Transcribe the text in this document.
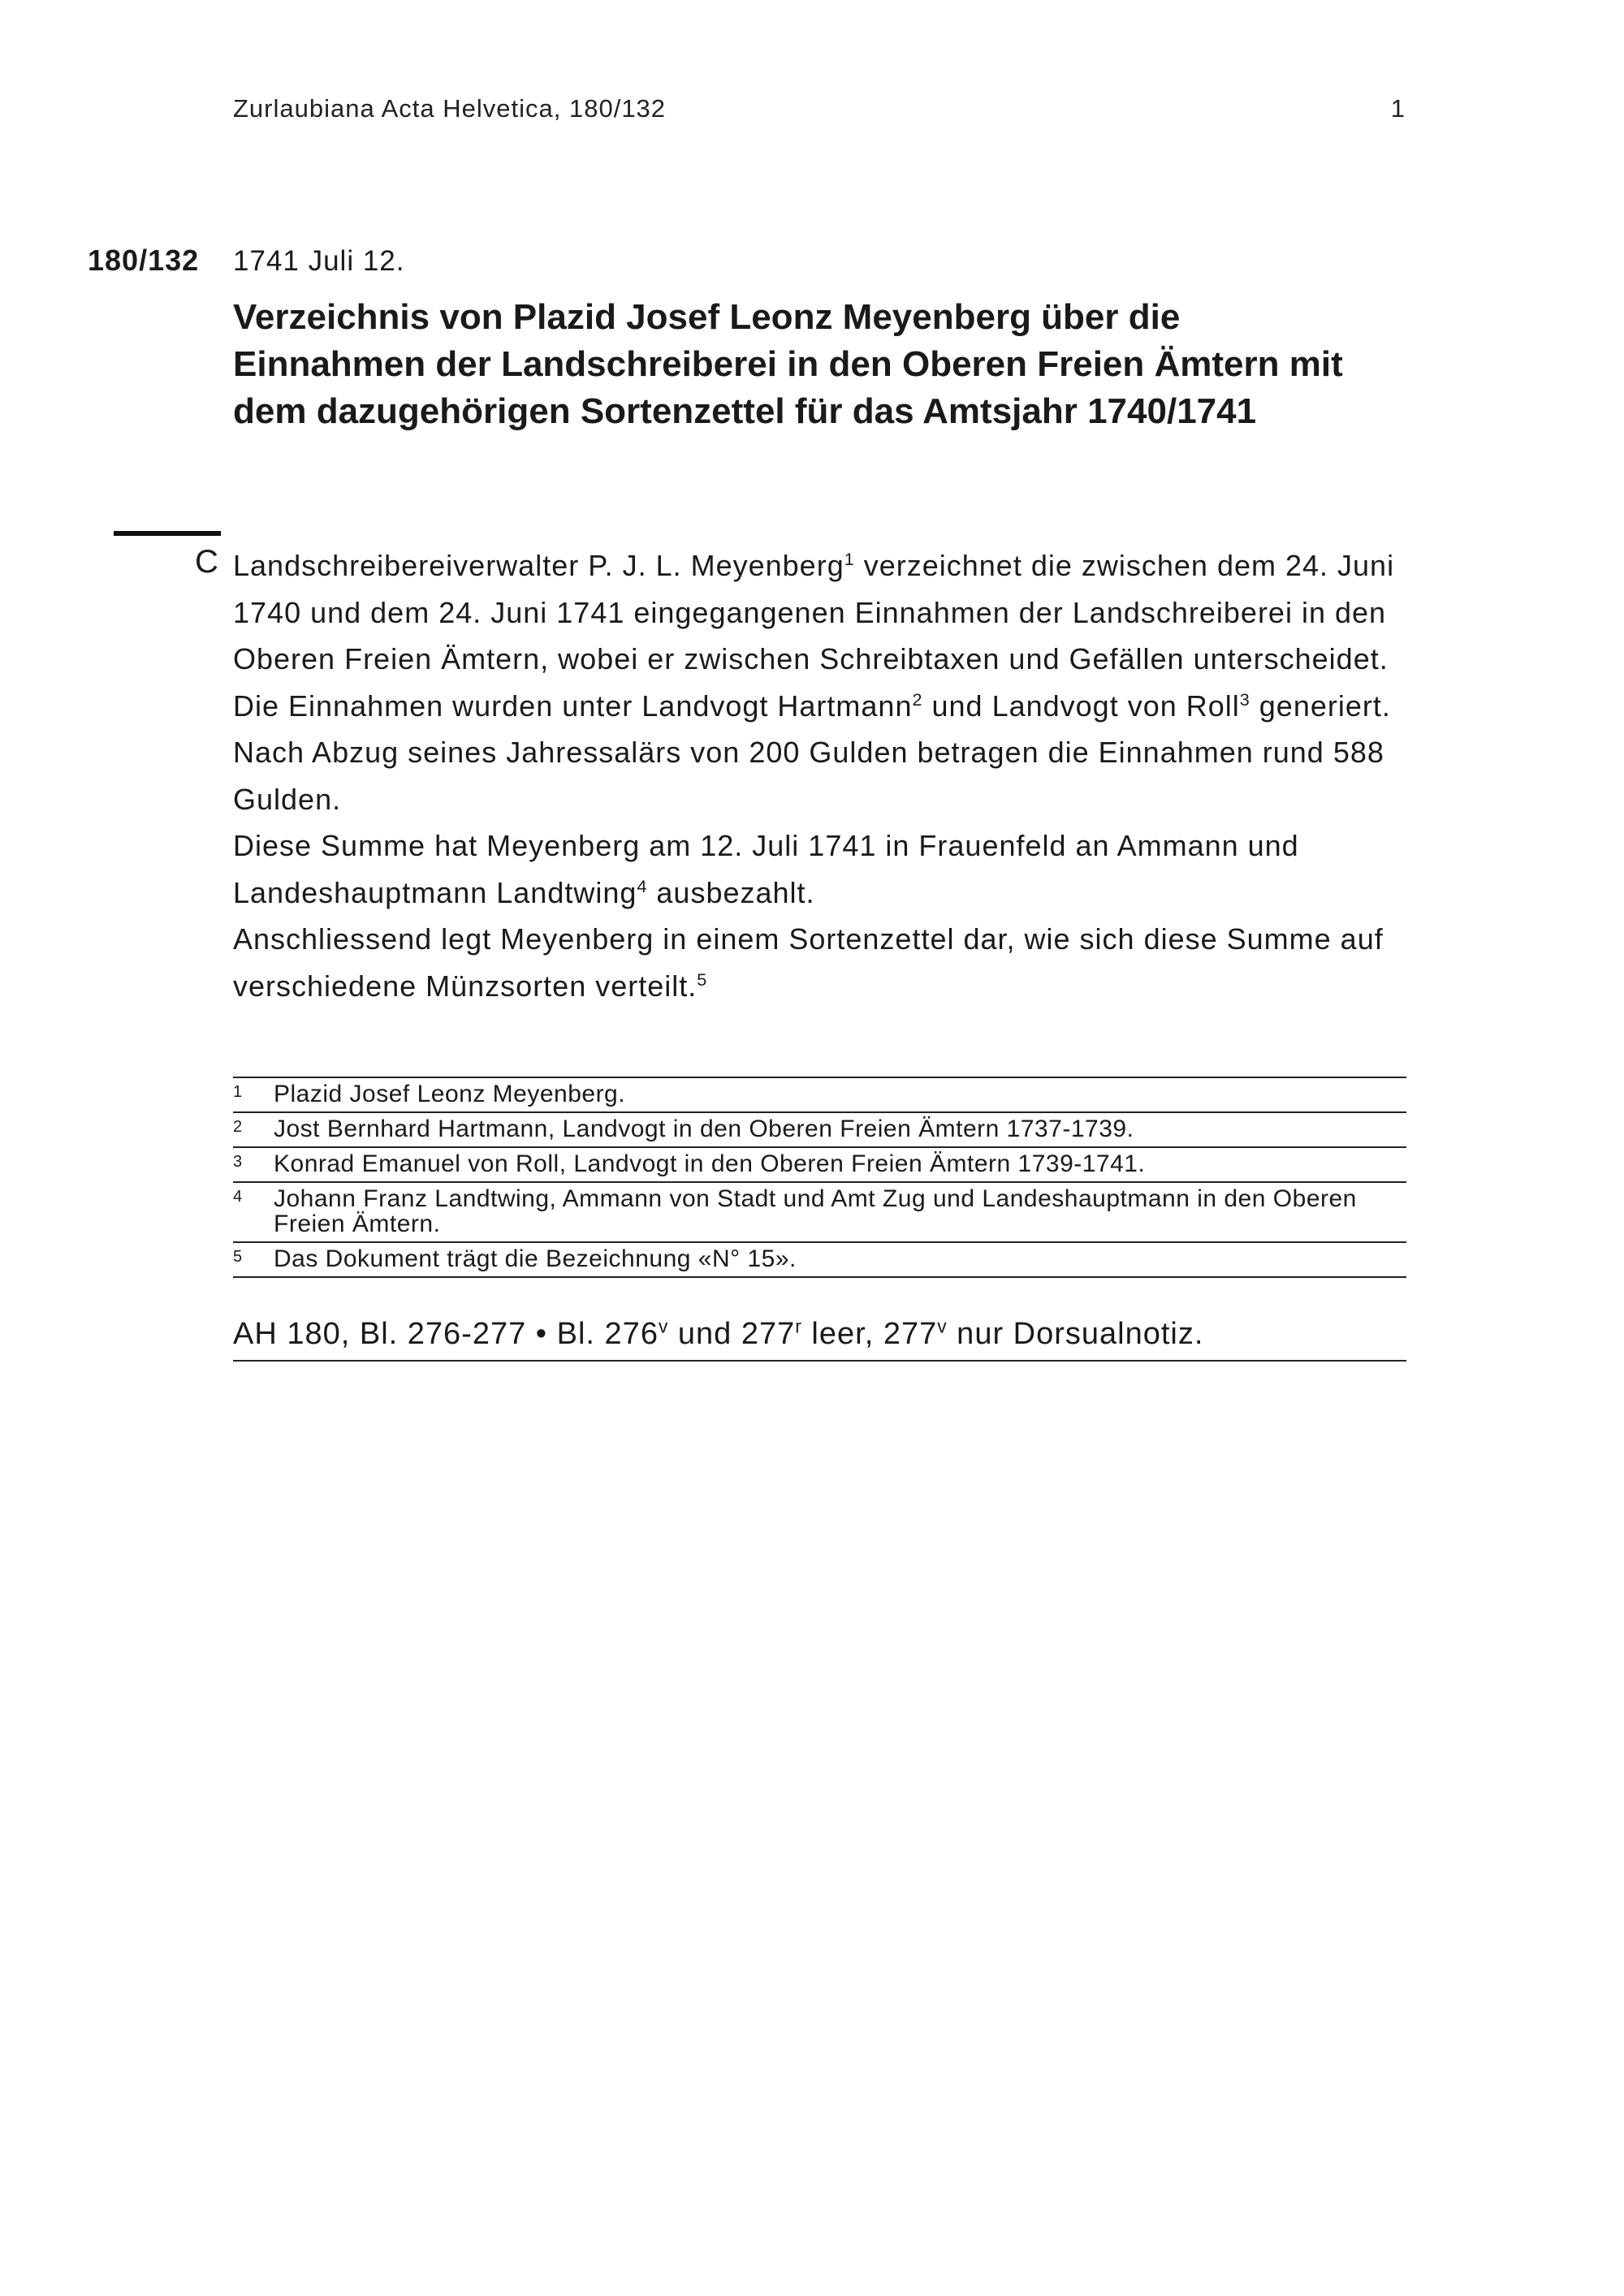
Zurlaubiana Acta Helvetica, 180/132	1
180/132 1741 Juli 12.
Verzeichnis von Plazid Josef Leonz Meyenberg über die Einnahmen der Landschreiberei in den Oberen Freien Ämtern mit dem dazugehörigen Sortenzettel für das Amtsjahr 1740/1741
C Landschreibereiverwalter P. J. L. Meyenberg$^1$ verzeichnet die zwischen dem 24. Juni 1740 und dem 24. Juni 1741 eingegangenen Einnahmen der Landschreiberei in den Oberen Freien Ämtern, wobei er zwischen Schreibtaxen und Gefällen unterscheidet. Die Einnahmen wurden unter Landvogt Hartmann$^2$ und Landvogt von Roll$^3$ generiert. Nach Abzug seines Jahressalärs von 200 Gulden betragen die Einnahmen rund 588 Gulden.

Diese Summe hat Meyenberg am 12. Juli 1741 in Frauenfeld an Ammann und Landeshauptmann Landtwing$^4$ ausbezahlt.

Anschliessend legt Meyenberg in einem Sortenzettel dar, wie sich diese Summe auf verschiedene Münzsorten verteilt.$^5$

1	Plazid Josef Leonz Meyenberg.
2	Jost Bernhard Hartmann, Landvogt in den Oberen Freien Ämtern 1737-1739.
3	Konrad Emanuel von Roll, Landvogt in den Oberen Freien Ämtern 1739-1741.
4	Johann Franz Landtwing, Ammann von Stadt und Amt Zug und Landeshauptmann in den Oberen Freien Ämtern.
5	Das Dokument trägt die Bezeichnung «N° 15».
AH 180, Bl. 276-277 • Bl. 276$^v$ und 277$^r$ leer, 277$^v$ nur Dorsualnotiz.
